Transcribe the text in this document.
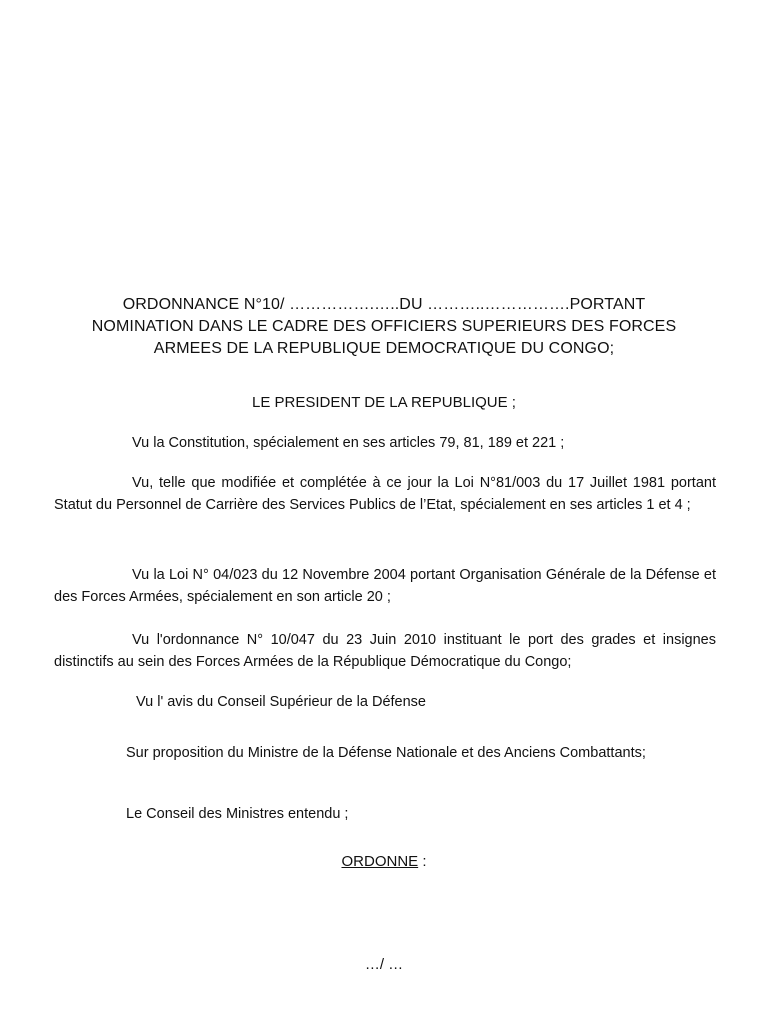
ORDONNANCE N°10/ …………….…..DU ………..…………….PORTANT
NOMINATION DANS LE CADRE DES OFFICIERS SUPERIEURS DES FORCES
ARMEES DE LA REPUBLIQUE DEMOCRATIQUE DU CONGO;
LE PRESIDENT DE LA REPUBLIQUE ;
Vu la Constitution, spécialement en ses articles 79, 81, 189 et 221 ;
Vu, telle que modifiée et complétée à ce jour la Loi N°81/003 du 17 Juillet 1981 portant Statut du Personnel de Carrière des Services Publics de l’Etat, spécialement en ses articles 1 et 4 ;
Vu la Loi N° 04/023 du 12 Novembre 2004 portant Organisation Générale de la Défense et des Forces Armées, spécialement en son article 20 ;
Vu l'ordonnance N° 10/047 du 23 Juin 2010 instituant le port des grades et insignes distinctifs au sein des Forces Armées de la République Démocratique du Congo;
Vu l' avis du Conseil Supérieur de la Défense
Sur proposition du Ministre de la Défense Nationale et des Anciens Combattants;
Le Conseil des Ministres entendu ;
ORDONNE :
…/ …
